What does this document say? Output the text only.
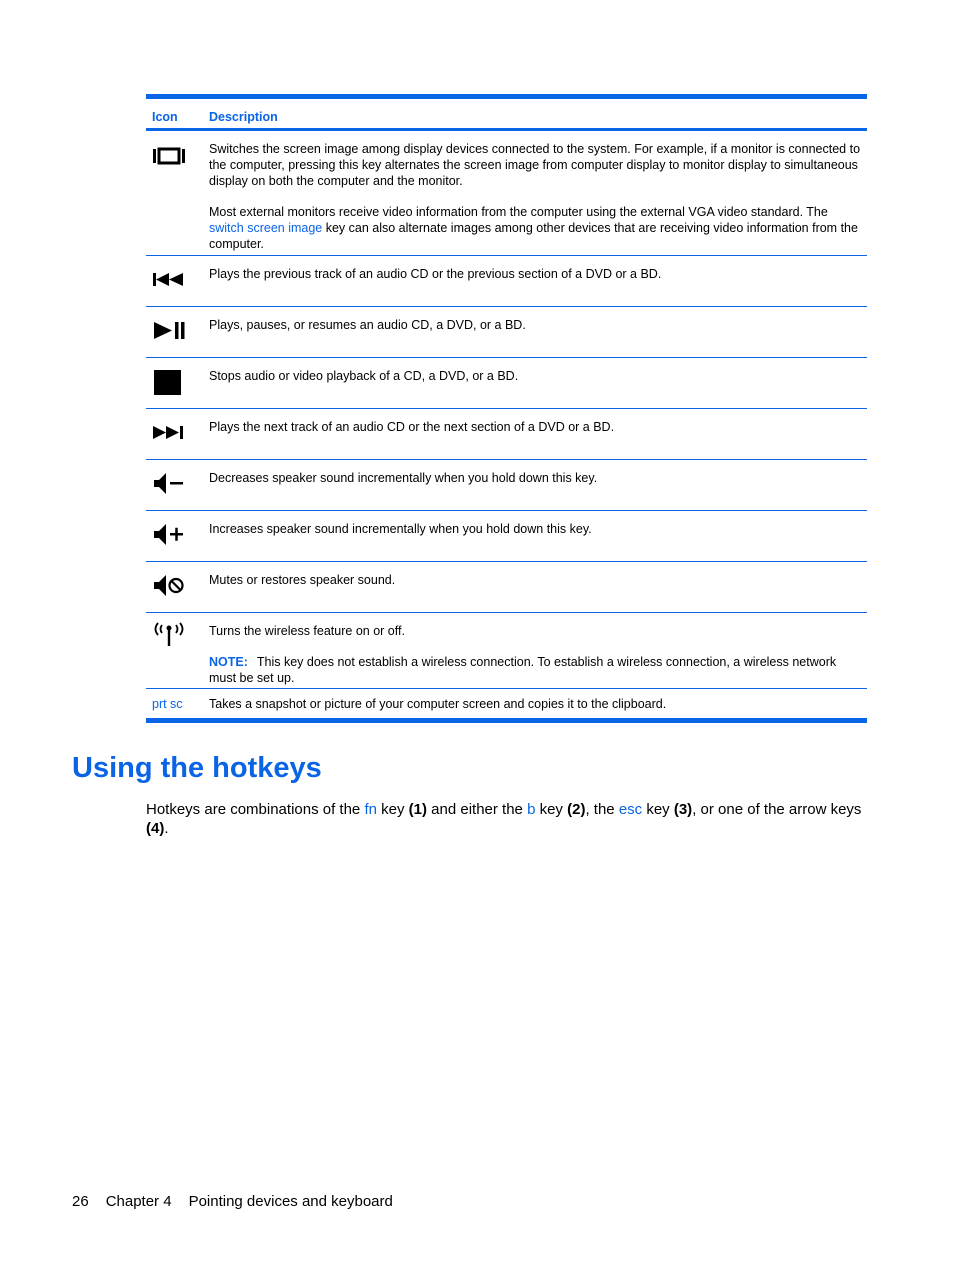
Icon	Description

Switches the screen image among display devices connected to the system. For example, if a monitor is connected to the computer, pressing this key alternates the screen image from computer display to monitor display to simultaneous display on both the computer and the monitor.

Most external monitors receive video information from the computer using the external VGA video standard. The switch screen image key can also alternate images among other devices that are receiving video information from the computer.

Plays the previous track of an audio CD or the previous section of a DVD or a BD.
Plays, pauses, or resumes an audio CD, a DVD, or a BD.
Stops audio or video playback of a CD, a DVD, or a BD.
Plays the next track of an audio CD or the next section of a DVD or a BD.
Decreases speaker sound incrementally when you hold down this key.
Increases speaker sound incrementally when you hold down this key.
Mutes or restores speaker sound.

Turns the wireless feature on or off.

NOTE: This key does not establish a wireless connection. To establish a wireless connection, a wireless network must be set up.

prt sc Takes a snapshot or picture of your computer screen and copies it to the clipboard.
Using the hotkeys

Hotkeys are combinations of the fn key (1) and either the b key (2), the esc key (3), or one of the arrow keys (4).

26 Chapter 4 Pointing devices and keyboard
